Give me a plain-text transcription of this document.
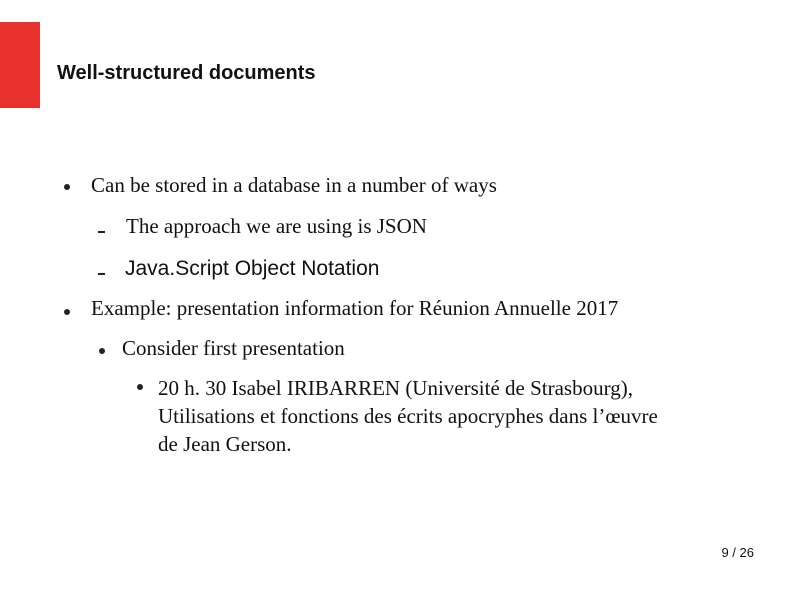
Well-structured documents
Can be stored in a database in a number of ways
The approach we are using is JSON
Java.Script Object Notation
Example: presentation information for Réunion Annuelle 2017
Consider first presentation
20 h. 30 Isabel IRIBARREN (Université de Strasbourg),
Utilisations et fonctions des écrits apocryphes dans l’œuvre
de Jean Gerson.
9 / 26
